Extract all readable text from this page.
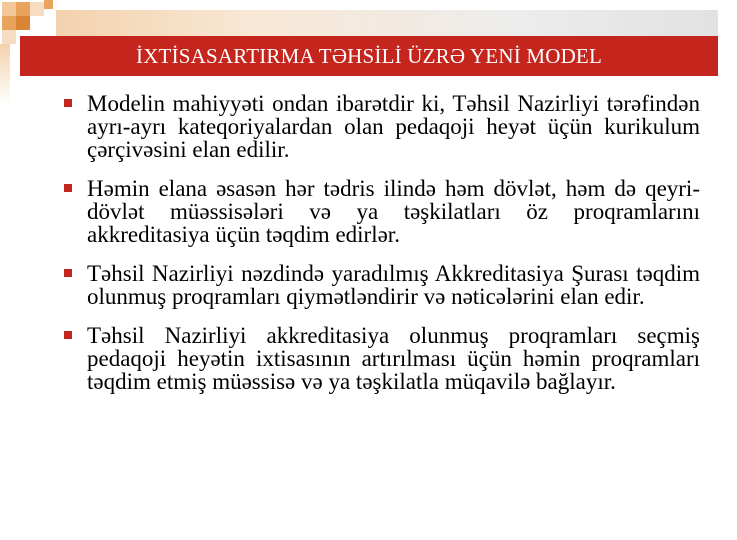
İXTİSASARTIRMA TƏHSİLİ ÜZRƏ YENİ MODEL
Modelin mahiyyəti ondan ibarətdir ki, Təhsil Nazirliyi tərəfindən ayrı-ayrı kateqoriyalardan olan pedaqoji heyət üçün kurikulum çərçivəsini elan edilir.
Həmin elana əsasən hər tədris ilində həm dövlət, həm də qeyri-dövlət müəssisələri və ya təşkilatları öz proqramlarını akkreditasiya üçün təqdim edirlər.
Təhsil Nazirliyi nəzdində yaradılmış Akkreditasiya Şurası təqdim olunmuş proqramları qiymətləndirir və nəticələrini elan edir.
Təhsil Nazirliyi akkreditasiya olunmuş proqramları seçmiş pedaqoji heyətin ixtisasının artırılması üçün həmin proqramları təqdim etmiş müəssisə və ya təşkilatla müqavilə bağlayır.
